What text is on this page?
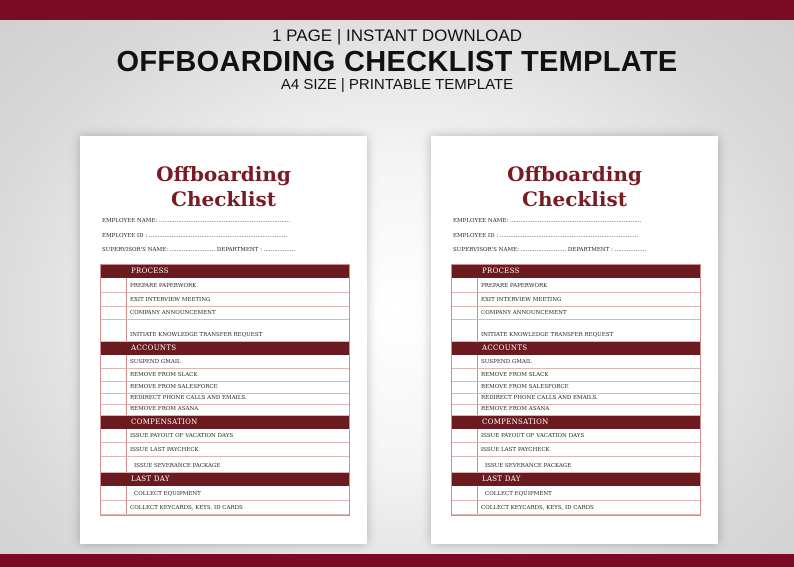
1 PAGE | INSTANT DOWNLOAD
OFFBOARDING CHECKLIST TEMPLATE
A4 SIZE | PRINTABLE TEMPLATE
Offboarding
Checklist
EMPLOYEE NAME: ...........................................................................
EMPLOYEE ID : ...............................................................................
SUPERVISOR'S NAME: .......................... DEPARTMENT : ..................
PROCESS
PREPARE PAPERWORK
EXIT INTERVIEW MEETING
COMPANY ANNOUNCEMENT
INITIATE KNOWLEDGE TRANSFER REQUEST
ACCOUNTS
SUSPEND GMAIL
REMOVE FROM SLACK
REMOVE FROM SALESFORCE
REDIRECT PHONE CALLS AND EMAILS.
REMOVE FROM ASANA
COMPENSATION
ISSUE PAYOUT OF VACATION DAYS
ISSUE LAST PAYCHECK
ISSUE SEVERANCE PACKAGE
LAST DAY
COLLECT EQUIPMENT
COLLECT KEYCARDS, KEYS, ID CARDS
Offboarding
Checklist
EMPLOYEE NAME: ...........................................................................
EMPLOYEE ID : ...............................................................................
SUPERVISOR'S NAME: .......................... DEPARTMENT : ..................
PROCESS
PREPARE PAPERWORK
EXIT INTERVIEW MEETING
COMPANY ANNOUNCEMENT
INITIATE KNOWLEDGE TRANSFER REQUEST
ACCOUNTS
SUSPEND GMAIL
REMOVE FROM SLACK
REMOVE FROM SALESFORCE
REDIRECT PHONE CALLS AND EMAILS.
REMOVE FROM ASANA
COMPENSATION
ISSUE PAYOUT OF VACATION DAYS
ISSUE LAST PAYCHECK
ISSUE SEVERANCE PACKAGE
LAST DAY
COLLECT EQUIPMENT
COLLECT KEYCARDS, KEYS, ID CARDS
